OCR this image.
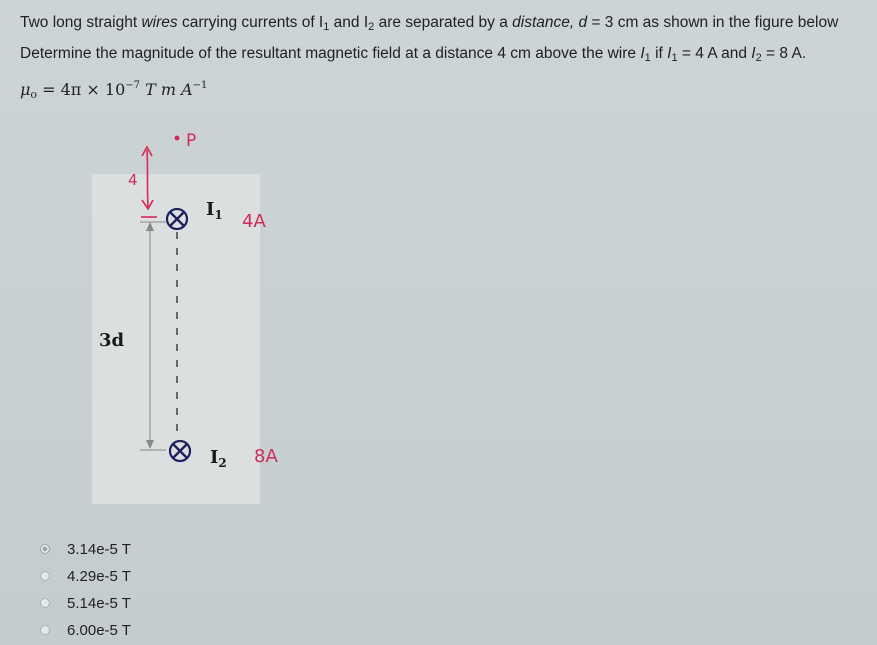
Two long straight wires carrying currents of $I_1$ and $I_2$ are separated by a distance, d = 3 cm as shown in the figure below
Determine the magnitude of the resultant magnetic field at a distance 4 cm above the wire $I_1$ if $I_1 = 4$ A and $I_2 = 8$ A.
$\mu_o = 4\pi \times 10^{-7}$ T m $A^{-1}$
P
4
3d
$I_1$ 4A
$I_2$ 8A
3.14e-5 T
4.29e-5 T
5.14e-5 T
6.00e-5 T
